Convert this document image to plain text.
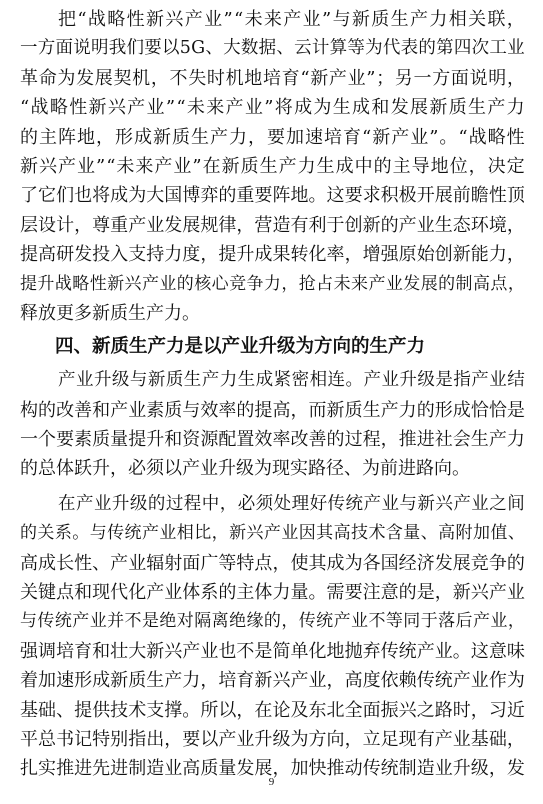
把 “ 战 略 性 新 兴 产 业 ” “ 未 来 产 业 ” 与 新 质 生 产 力 相 关 联 ，
一 方 面 说 明 我 们 要 以 5 G 、 大 数 据 、 云 计 算 等 为 代 表 的 第 四 次 工 业
革 命 为 发 展 契 机 ， 不 失 时 机 地 培 育 “ 新 产 业 ” ； 另 一 方 面 说 明 ，
“ 战 略 性 新 兴 产 业 ” “ 未 来 产 业 ” 将 成 为 生 成 和 发 展 新 质 生 产 力
的 主 阵 地 ， 形 成 新 质 生 产 力 ， 要 加 速 培 育 “ 新 产 业 ” 。 “ 战 略 性
新 兴 产 业 ” “ 未 来 产 业 ” 在 新 质 生 产 力 生 成 中 的 主 导 地 位 ， 决 定
了 它 们 也 将 成 为 大 国 博 弈 的 重 要 阵 地 。 这 要 求 积 极 开 展 前 瞻 性 顶
层 设 计 ， 尊 重 产 业 发 展 规 律 ， 营 造 有 利 于 创 新 的 产 业 生 态 环 境 ，
提 高 研 发 投 入 支 持 力 度 ， 提 升 成 果 转 化 率 ， 增 强 原 始 创 新 能 力 ，
提 升 战 略 性 新 兴 产 业 的 核 心 竞 争 力 ， 抢 占 未 来 产 业 发 展 的 制 高 点 ，
释放更多新质生产力。
四、新质生产力是以产业升级为方向的生产力
产 业 升 级 与 新 质 生 产 力 生 成 紧 密 相 连 。 产 业 升 级 是 指 产 业 结
构 的 改 善 和 产 业 素 质 与 效 率 的 提 高 ， 而 新 质 生 产 力 的 形 成 恰 恰 是
一 个 要 素 质 量 提 升 和 资 源 配 置 效 率 改 善 的 过 程 ， 推 进 社 会 生 产 力
的总体跃升，必须以产业升级为现实路径、为前进路向。
在 产 业 升 级 的 过 程 中 ， 必 须 处 理 好 传 统 产 业 与 新 兴 产 业 之 间
的 关 系 。 与 传 统 产 业 相 比 ， 新 兴 产 业 因 其 高 技 术 含 量 、 高 附 加 值 、
高 成 长 性 、 产 业 辐 射 面 广 等 特 点 ， 使 其 成 为 各 国 经 济 发 展 竞 争 的
关 键 点 和 现 代 化 产 业 体 系 的 主 体 力 量 。 需 要 注 意 的 是 ， 新 兴 产 业
与 传 统 产 业 并 不 是 绝 对 隔 离 绝 缘 的 ， 传 统 产 业 不 等 同 于 落 后 产 业 ，
强 调 培 育 和 壮 大 新 兴 产 业 也 不 是 简 单 化 地 抛 弃 传 统 产 业 。 这 意 味
着 加 速 形 成 新 质 生 产 力 ， 培 育 新 兴 产 业 ， 高 度 依 赖 传 统 产 业 作 为
基 础 、 提 供 技 术 支 撑 。 所 以 ， 在 论 及 东 北 全 面 振 兴 之 路 时 ， 习 近
平 总 书 记 特 别 指 出 ， 要 以 产 业 升 级 为 方 向 ， 立 足 现 有 产 业 基 础 ，
扎 实 推 进 先 进 制 造 业 高 质 量 发 展 ， 加 快 推 动 传 统 制 造 业 升 级 ， 发
9
